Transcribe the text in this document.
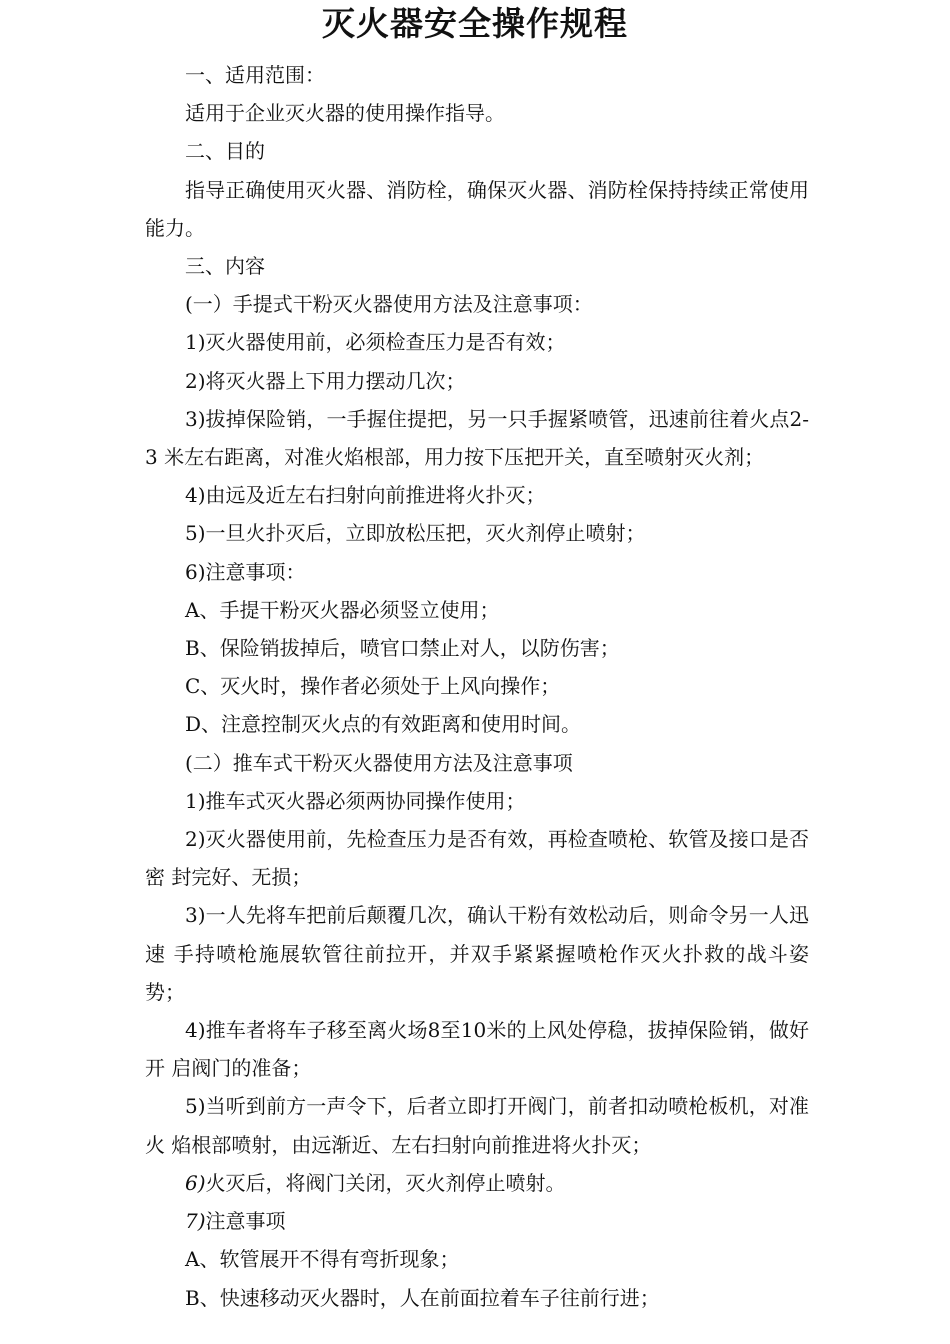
灭火器安全操作规程

一、适用范围：

适用于企业灭火器的使用操作指导。

二、目的

指导正确使用灭火器、消防栓，确保灭火器、消防栓保持持续正常使用能力。

三、内容

(一）手提式干粉灭火器使用方法及注意事项：

1)灭火器使用前，必须检查压力是否有效；

2)将灭火器上下用力摆动几次；

3)拔掉保险销，一手握住提把，另一只手握紧喷管，迅速前往着火点2-3 米左右距离，对准火焰根部，用力按下压把开关，直至喷射灭火剂；

4)由远及近左右扫射向前推进将火扑灭；

5)一旦火扑灭后，立即放松压把，灭火剂停止喷射；

6)注意事项：

A、手提干粉灭火器必须竖立使用；

B、保险销拔掉后，喷官口禁止对人，以防伤害；

C、灭火时，操作者必须处于上风向操作；

D、注意控制灭火点的有效距离和使用时间。

(二）推车式干粉灭火器使用方法及注意事项

1)推车式灭火器必须两协同操作使用；

2)灭火器使用前，先检查压力是否有效，再检查喷枪、软管及接口是否密 封完好、无损；

3)一人先将车把前后颠覆几次，确认干粉有效松动后，则命令另一人迅速 手持喷枪施展软管往前拉开，并双手紧紧握喷枪作灭火扑救的战斗姿势；

4)推车者将车子移至离火场8至10米的上风处停稳，拔掉保险销，做好开 启阀门的准备；

5)当听到前方一声令下，后者立即打开阀门，前者扣动喷枪板机，对准火 焰根部喷射，由远渐近、左右扫射向前推进将火扑灭；

6)火灭后，将阀门关闭，灭火剂停止喷射。

7)注意事项

A、软管展开不得有弯折现象；

B、快速移动灭火器时，人在前面拉着车子往前行进；
